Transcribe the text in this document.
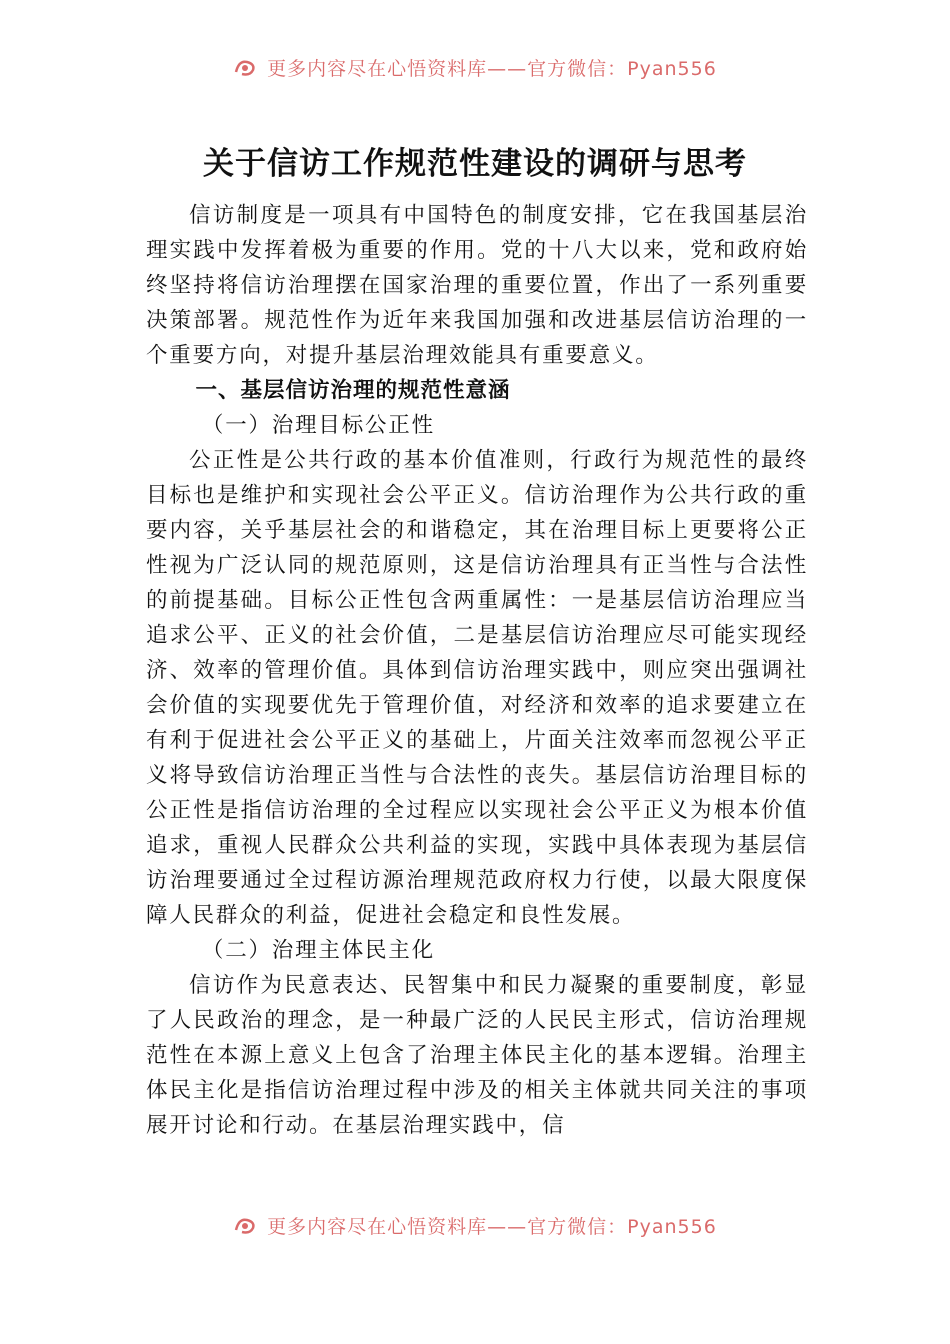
更多内容尽在心悟资料库——官方微信：Pyan556
关于信访工作规范性建设的调研与思考

信访制度是一项具有中国特色的制度安排，它在我国基层治理实践中发挥着极为重要的作用。党的十八大以来，党和政府始终坚持将信访治理摆在国家治理的重要位置，作出了一系列重要决策部署。规范性作为近年来我国加强和改进基层信访治理的一个重要方向，对提升基层治理效能具有重要意义。

一、基层信访治理的规范性意涵
（一）治理目标公正性

公正性是公共行政的基本价值准则，行政行为规范性的最终目标也是维护和实现社会公平正义。信访治理作为公共行政的重要内容，关乎基层社会的和谐稳定，其在治理目标上更要将公正性视为广泛认同的规范原则，这是信访治理具有正当性与合法性的前提基础。目标公正性包含两重属性：一是基层信访治理应当追求公平、正义的社会价值，二是基层信访治理应尽可能实现经济、效率的管理价值。具体到信访治理实践中，则应突出强调社会价值的实现要优先于管理价值，对经济和效率的追求要建立在有利于促进社会公平正义的基础上，片面关注效率而忽视公平正义将导致信访治理正当性与合法性的丧失。基层信访治理目标的公正性是指信访治理的全过程应以实现社会公平正义为根本价值追求，重视人民群众公共利益的实现，实践中具体表现为基层信访治理要通过全过程访源治理规范政府权力行使，以最大限度保障人民群众的利益，促进社会稳定和良性发展。

（二）治理主体民主化

信访作为民意表达、民智集中和民力凝聚的重要制度，彰显了人民政治的理念，是一种最广泛的人民民主形式，信访治理规范性在本源上意义上包含了治理主体民主化的基本逻辑。治理主体民主化是指信访治理过程中涉及的相关主体就共同关注的事项展开讨论和行动。在基层治理实践中，信

更多内容尽在心悟资料库——官方微信：Pyan556
